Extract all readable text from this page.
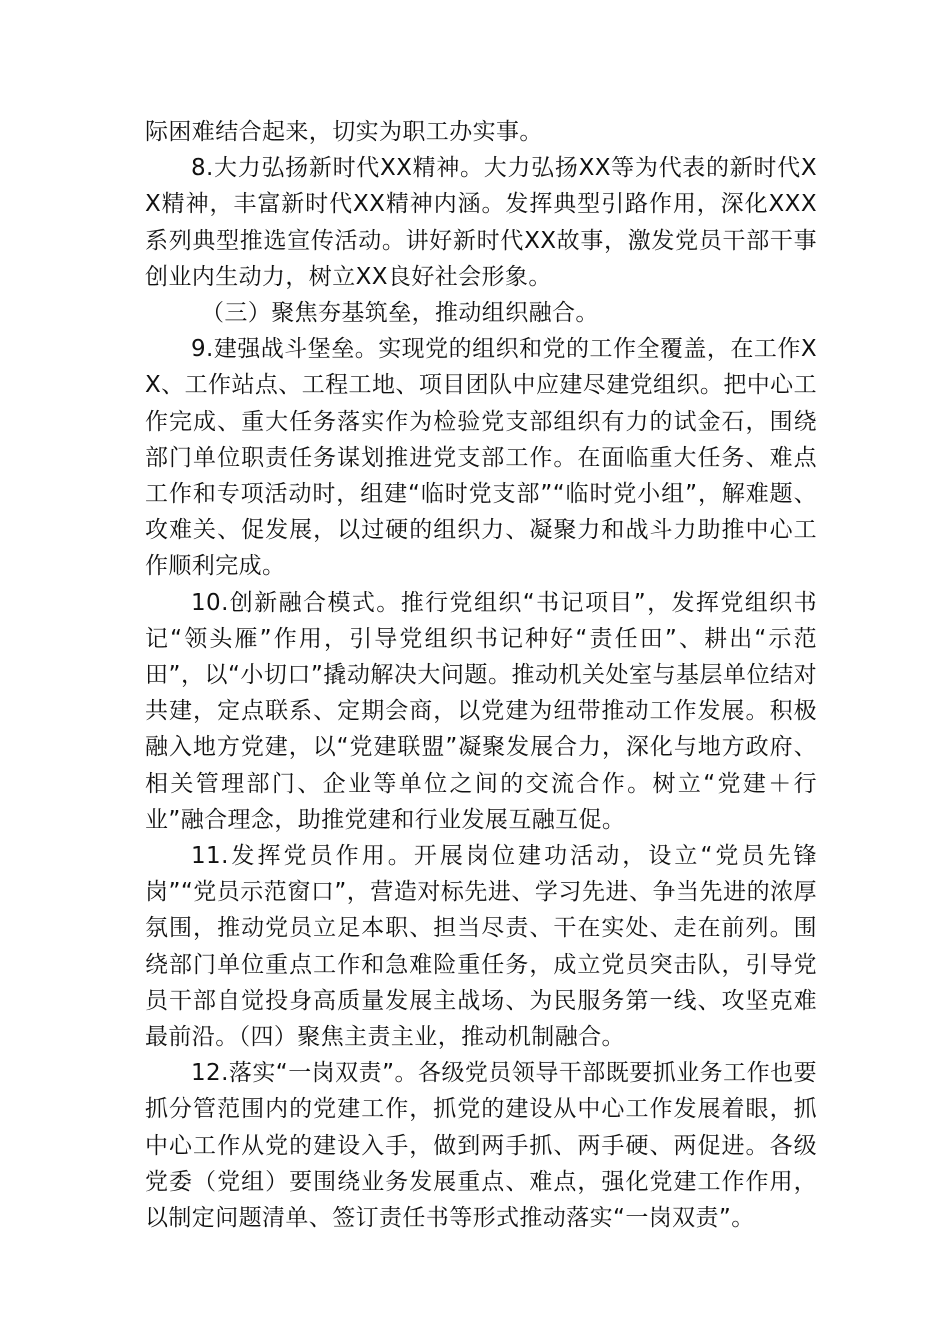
际困难结合起来，切实为职工办实事。

8.大力弘扬新时代XX精神。大力弘扬XX等为代表的新时代XX精神，丰富新时代XX精神内涵。发挥典型引路作用，深化XXX系列典型推选宣传活动。讲好新时代XX故事，激发党员干部干事创业内生动力，树立XX良好社会形象。

（三）聚焦夯基筑垒，推动组织融合。

9.建强战斗堡垒。实现党的组织和党的工作全覆盖，在工作XX、工作站点、工程工地、项目团队中应建尽建党组织。把中心工作完成、重大任务落实作为检验党支部组织有力的试金石，围绕部门单位职责任务谋划推进党支部工作。在面临重大任务、难点工作和专项活动时，组建“临时党支部”“临时党小组”，解难题、攻难关、促发展，以过硬的组织力、凝聚力和战斗力助推中心工作顺利完成。

10.创新融合模式。推行党组织“书记项目”，发挥党组织书记“领头雁”作用，引导党组织书记种好“责任田”、耕出“示范田”，以“小切口”撬动解决大问题。推动机关处室与基层单位结对共建，定点联系、定期会商，以党建为纽带推动工作发展。积极融入地方党建，以“党建联盟”凝聚发展合力，深化与地方政府、相关管理部门、企业等单位之间的交流合作。树立“党建＋行业”融合理念，助推党建和行业发展互融互促。

11.发挥党员作用。开展岗位建功活动，设立“党员先锋岗”“党员示范窗口”，营造对标先进、学习先进、争当先进的浓厚氛围，推动党员立足本职、担当尽责、干在实处、走在前列。围绕部门单位重点工作和急难险重任务，成立党员突击队，引导党员干部自觉投身高质量发展主战场、为民服务第一线、攻坚克难最前沿。（四）聚焦主责主业，推动机制融合。

12.落实“一岗双责”。各级党员领导干部既要抓业务工作也要抓分管范围内的党建工作，抓党的建设从中心工作发展着眼，抓中心工作从党的建设入手，做到两手抓、两手硬、两促进。各级党委（党组）要围绕业务发展重点、难点，强化党建工作作用，以制定问题清单、签订责任书等形式推动落实“一岗双责”。
